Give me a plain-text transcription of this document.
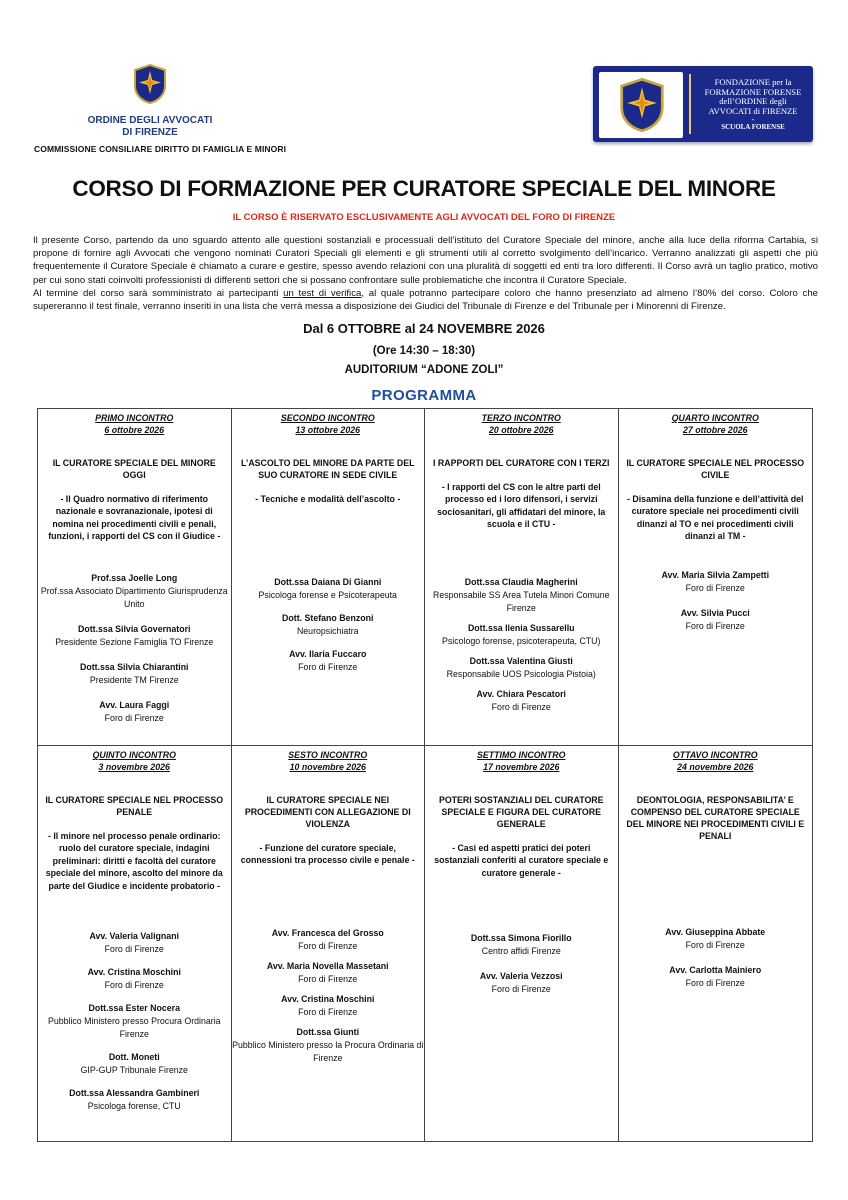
ORDINE DEGLI AVVOCATI
DI FIRENZE
COMMISSIONE CONSILIARE DIRITTO DI FAMIGLIA E MINORI
FONDAZIONE per la
FORMAZIONE FORENSE
dell’ORDINE degli
AVVOCATI di FIRENZE
-
SCUOLA FORENSE
CORSO DI FORMAZIONE PER CURATORE SPECIALE DEL MINORE
IL CORSO È RISERVATO ESCLUSIVAMENTE AGLI AVVOCATI DEL FORO DI FIRENZE
Il presente Corso, partendo da uno sguardo attento alle questioni sostanziali e processuali dell’istituto del Curatore Speciale del minore, anche alla luce della riforma Cartabia, si propone di fornire agli Avvocati che vengono nominati Curatori Speciali gli elementi e gli strumenti utili al corretto svolgimento dell’incarico. Verranno analizzati gli aspetti che più frequentemente il Curatore Speciale è chiamato a curare e gestire, spesso avendo relazioni con una pluralità di soggetti ed enti tra loro differenti. Il Corso avrà un taglio pratico, motivo per cui sono stati coinvolti professionisti di differenti settori che si possano confrontare sulle problematiche che incontra il Curatore Speciale.
Al termine del corso sarà somministrato ai partecipanti un test di verifica, al quale potranno partecipare coloro che hanno presenziato ad almeno l’80% del corso. Coloro che supereranno il test finale, verranno inseriti in una lista che verrà messa a disposizione dei Giudici del Tribunale di Firenze e del Tribunale per i Minorenni di Firenze.
Dal 6 OTTOBRE al 24 NOVEMBRE 2026
(Ore 14:30 – 18:30)
AUDITORIUM “ADONE ZOLI”
PROGRAMMA
PRIMO INCONTRO
6 ottobre 2026
IL CURATORE SPECIALE DEL MINORE OGGI
- Il Quadro normativo di riferimento nazionale e sovranazionale, ipotesi di nomina nei procedimenti civili e penali, funzioni, i rapporti del CS con il Giudice -
Prof.ssa Joelle Long
Prof.ssa Associato Dipartimento Giurisprudenza Unito
Dott.ssa Silvia Governatori
Presidente Sezione Famiglia TO Firenze
Dott.ssa Silvia Chiarantini
Presidente TM Firenze
Avv. Laura Faggi
Foro di Firenze
SECONDO INCONTRO
13 ottobre 2026
L’ASCOLTO DEL MINORE DA PARTE DEL SUO CURATORE IN SEDE CIVILE
- Tecniche e modalità dell’ascolto -
Dott.ssa Daiana Di Gianni
Psicologa forense e Psicoterapeuta
Dott. Stefano Benzoni
Neuropsichiatra
Avv. Ilaria Fuccaro
Foro di Firenze
TERZO INCONTRO
20 ottobre 2026
I RAPPORTI DEL CURATORE CON I TERZI
- I rapporti del CS con le altre parti del processo ed i loro difensori, i servizi sociosanitari, gli affidatari del minore, la scuola e il CTU -
Dott.ssa Claudia Magherini
Responsabile SS Area Tutela Minori Comune Firenze
Dott.ssa Ilenia Sussarellu
Psicologo forense, psicoterapeuta, CTU)
Dott.ssa Valentina Giusti
Responsabile UOS Psicologia Pistoia)
Avv. Chiara Pescatori
Foro di Firenze
QUARTO INCONTRO
27 ottobre 2026
IL CURATORE SPECIALE NEL PROCESSO CIVILE
- Disamina della funzione e dell’attività del curatore speciale nei procedimenti civili dinanzi al TO e nei procedimenti civili dinanzi al TM -
Avv. Maria Silvia Zampetti
Foro di Firenze
Avv. Silvia Pucci
Foro di Firenze
QUINTO INCONTRO
3 novembre 2026
IL CURATORE SPECIALE NEL PROCESSO PENALE
- Il minore nel processo penale ordinario: ruolo del curatore speciale, indagini preliminari: diritti e facoltà del curatore speciale del minore, ascolto del minore da parte del Giudice e incidente probatorio -
Avv. Valeria Valignani
Foro di Firenze
Avv. Cristina Moschini
Foro di Firenze
Dott.ssa Ester Nocera
Pubblico Ministero presso Procura Ordinaria Firenze
Dott. Moneti
GIP-GUP Tribunale Firenze
Dott.ssa Alessandra Gambineri
Psicologa forense, CTU
SESTO INCONTRO
10 novembre 2026
IL CURATORE SPECIALE NEI PROCEDIMENTI CON ALLEGAZIONE DI VIOLENZA
- Funzione del curatore speciale, connessioni tra processo civile e penale -
Avv. Francesca del Grosso
Foro di Firenze
Avv. Maria Novella Massetani
Foro di Firenze
Avv. Cristina Moschini
Foro di Firenze
Dott.ssa Giunti
Pubblico Ministero presso la Procura Ordinaria di Firenze
SETTIMO INCONTRO
17 novembre 2026
POTERI SOSTANZIALI DEL CURATORE SPECIALE E FIGURA DEL CURATORE GENERALE
- Casi ed aspetti pratici dei poteri sostanziali conferiti al curatore speciale e curatore generale -
Dott.ssa Simona Fiorillo
Centro affidi Firenze
Avv. Valeria Vezzosi
Foro di Firenze
OTTAVO INCONTRO
24 novembre 2026
DEONTOLOGIA, RESPONSABILITA’ E COMPENSO DEL CURATORE SPECIALE DEL MINORE NEI PROCEDIMENTI CIVILI E PENALI
Avv. Giuseppina Abbate
Foro di Firenze
Avv. Carlotta Mainiero
Foro di Firenze
